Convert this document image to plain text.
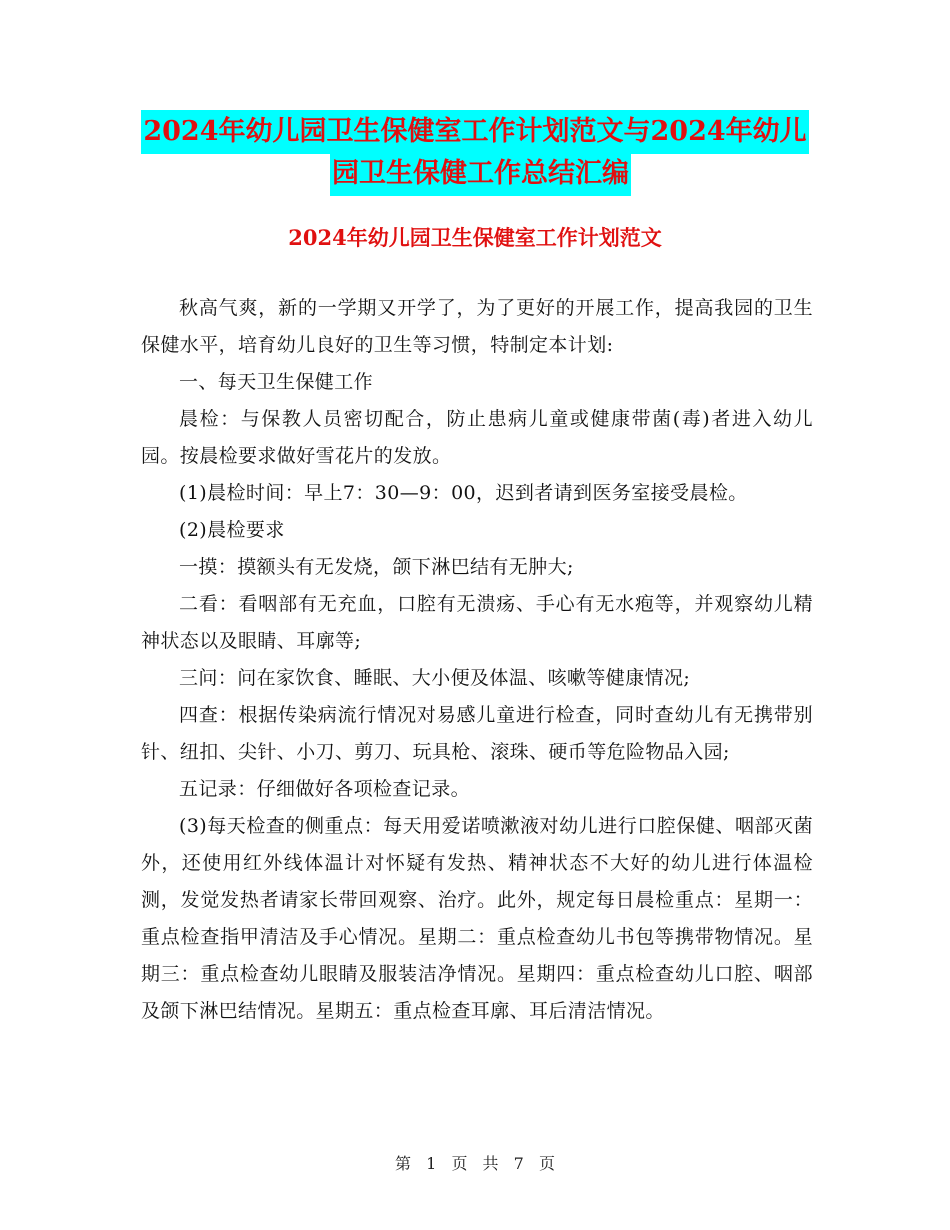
2024年幼儿园卫生保健室工作计划范文与2024年幼儿
园卫生保健工作总结汇编
2024年幼儿园卫生保健室工作计划范文

秋高气爽，新的一学期又开学了，为了更好的开展工作，提高我园的卫生保健水平，培育幼儿良好的卫生等习惯，特制定本计划:

一、每天卫生保健工作

晨检：与保教人员密切配合，防止患病儿童或健康带菌(毒)者进入幼儿园。按晨检要求做好雪花片的发放。

(1)晨检时间：早上7：30—9：00，迟到者请到医务室接受晨检。

(2)晨检要求

一摸：摸额头有无发烧，颌下淋巴结有无肿大;

二看：看咽部有无充血，口腔有无溃疡、手心有无水疱等，并观察幼儿精神状态以及眼睛、耳廓等;

三问：问在家饮食、睡眠、大小便及体温、咳嗽等健康情况;

四查：根据传染病流行情况对易感儿童进行检查，同时查幼儿有无携带别针、纽扣、尖针、小刀、剪刀、玩具枪、滚珠、硬币等危险物品入园;

五记录：仔细做好各项检查记录。

(3)每天检查的侧重点：每天用爱诺喷漱液对幼儿进行口腔保健、咽部灭菌外，还使用红外线体温计对怀疑有发热、精神状态不大好的幼儿进行体温检测，发觉发热者请家长带回观察、治疗。此外，规定每日晨检重点：星期一：重点检查指甲清洁及手心情况。星期二：重点检查幼儿书包等携带物情况。星期三：重点检查幼儿眼睛及服装洁净情况。星期四：重点检查幼儿口腔、咽部及颌下淋巴结情况。星期五：重点检查耳廓、耳后清洁情况。

第 1 页 共 7 页
